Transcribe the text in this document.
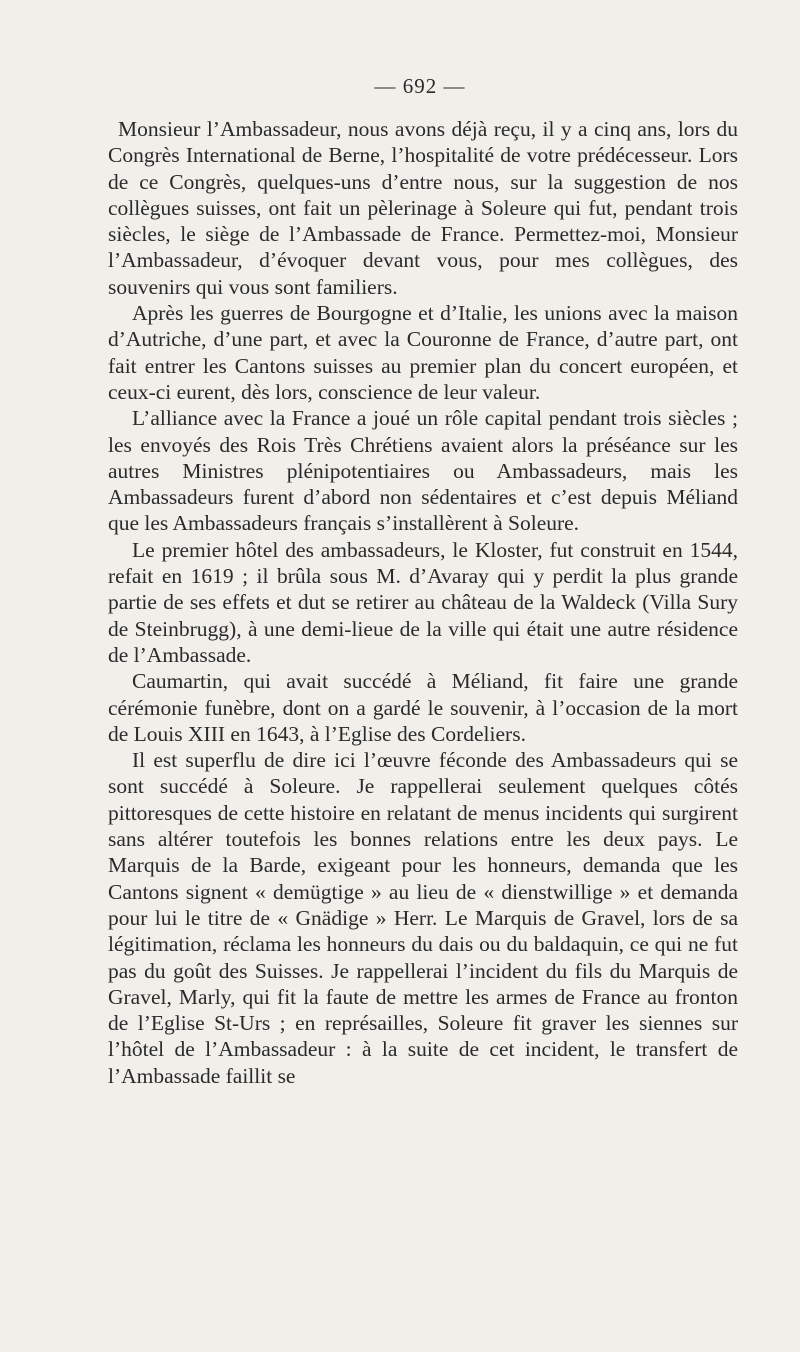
— 692 —

Monsieur l’Ambassadeur, nous avons déjà reçu, il y a cinq ans, lors du Congrès International de Berne, l’hospitalité de votre prédécesseur. Lors de ce Congrès, quelques-uns d’entre nous, sur la suggestion de nos collègues suisses, ont fait un pèlerinage à Soleure qui fut, pendant trois siècles, le siège de l’Ambassade de France. Permettez-moi, Monsieur l’Ambassadeur, d’évoquer devant vous, pour mes collègues, des souvenirs qui vous sont familiers.

Après les guerres de Bourgogne et d’Italie, les unions avec la maison d’Autriche, d’une part, et avec la Couronne de France, d’autre part, ont fait entrer les Cantons suisses au premier plan du concert européen, et ceux-ci eurent, dès lors, conscience de leur valeur.

L’alliance avec la France a joué un rôle capital pendant trois siècles ; les envoyés des Rois Très Chrétiens avaient alors la préséance sur les autres Ministres plénipotentiaires ou Ambassadeurs, mais les Ambassadeurs furent d’abord non sédentaires et c’est depuis Méliand que les Ambassadeurs français s’installèrent à Soleure.

Le premier hôtel des ambassadeurs, le Kloster, fut construit en 1544, refait en 1619 ; il brûla sous M. d’Avaray qui y perdit la plus grande partie de ses effets et dut se retirer au château de la Waldeck (Villa Sury de Steinbrugg), à une demi-lieue de la ville qui était une autre résidence de l’Ambassade.

Caumartin, qui avait succédé à Méliand, fit faire une grande cérémonie funèbre, dont on a gardé le souvenir, à l’occasion de la mort de Louis XIII en 1643, à l’Eglise des Cordeliers.

Il est superflu de dire ici l’œuvre féconde des Ambassadeurs qui se sont succédé à Soleure. Je rappellerai seulement quelques côtés pittoresques de cette histoire en relatant de menus incidents qui surgirent sans altérer toutefois les bonnes relations entre les deux pays. Le Marquis de la Barde, exigeant pour les honneurs, demanda que les Cantons signent « demügtige » au lieu de « dienstwillige » et demanda pour lui le titre de « Gnädige » Herr. Le Marquis de Gravel, lors de sa légitimation, réclama les honneurs du dais ou du baldaquin, ce qui ne fut pas du goût des Suisses. Je rappellerai l’incident du fils du Marquis de Gravel, Marly, qui fit la faute de mettre les armes de France au fronton de l’Eglise St-Urs ; en représailles, Soleure fit graver les siennes sur l’hôtel de l’Ambassadeur : à la suite de cet incident, le transfert de l’Ambassade faillit se
